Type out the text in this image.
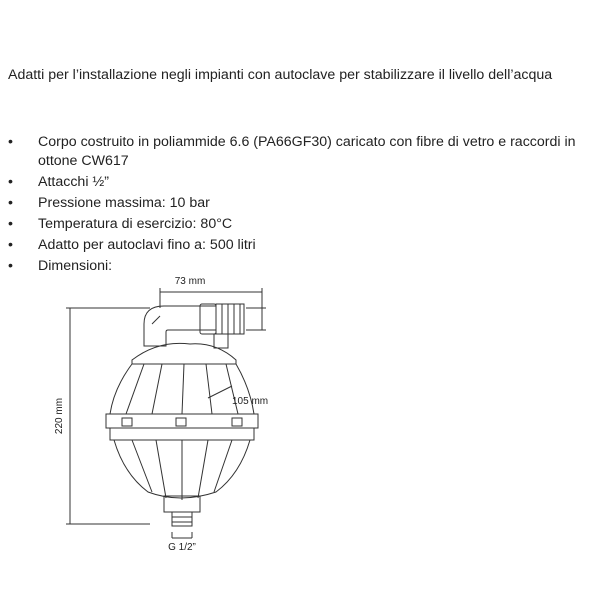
Adatti per l’installazione negli impianti con autoclave per stabilizzare il livello dell’acqua

• Corpo costruito in poliammide 6.6 (PA66GF30) caricato con fibre di vetro e raccordi in ottone CW617
• Attacchi ½”
• Pressione massima: 10 bar
• Temperatura di esercizio: 80°C
• Adatto per autoclavi fino a: 500 litri
• Dimensioni:
73 mm
105 mm
220 mm
G 1/2”
